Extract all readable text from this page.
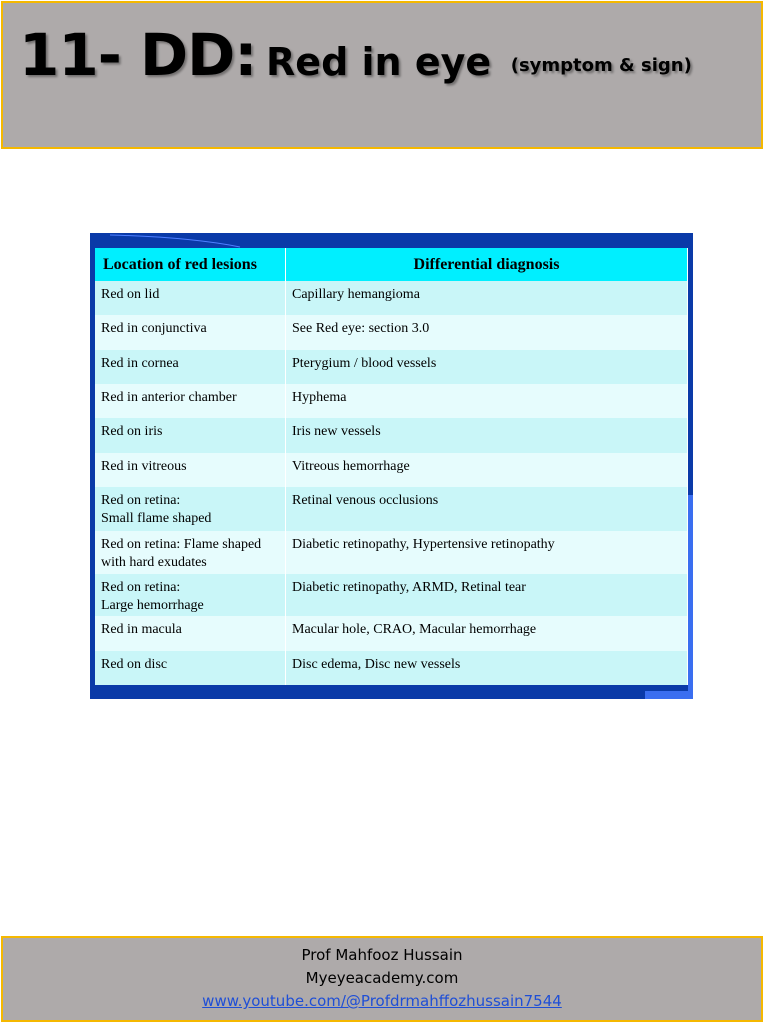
11- DD: Red in eye (symptom & sign)
Location of red lesions	Differential diagnosis

Red on lid	Capillary hemangioma

Red in conjunctiva	See Red eye: section 3.0

Red in cornea	Pterygium / blood vessels

Red in anterior chamber	Hyphema

Red on iris	Iris new vessels

Red in vitreous	Vitreous hemorrhage

Red on retina:
Small flame shaped	Retinal venous occlusions

Red on retina: Flame shaped
with hard exudates	Diabetic retinopathy, Hypertensive retinopathy

Red on retina:
Large hemorrhage	Diabetic retinopathy, ARMD, Retinal tear

Red in macula	Macular hole, CRAO, Macular hemorrhage

Red on disc	Disc edema, Disc new vessels
Prof Mahfooz Hussain
Myeyeacademy.com
www.youtube.com/@Profdrmahffozhussain7544
